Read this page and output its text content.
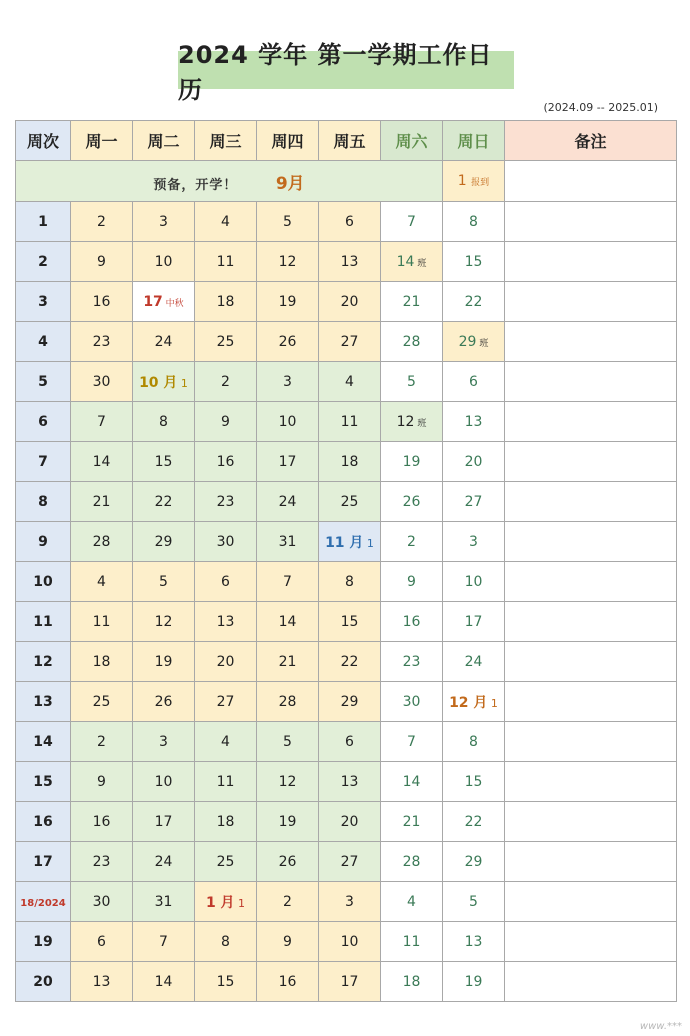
2024 学年 第一学期工作日历
(2024.09 -- 2025.01)
周次	周一	周二	周三	周四	周五	周六	周日	备注
预备，开学！ 9月							1 报到	
1	2	3	4	5	6	7	8	
2	9	10	11	12	13	14 班	15	
3	16	17 中秋	18	19	20	21	22	
4	23	24	25	26	27	28	29 班	
5	30	10 月 1	2	3	4	5	6	
6	7	8	9	10	11	12 班	13	
7	14	15	16	17	18	19	20	
8	21	22	23	24	25	26	27	
9	28	29	30	31	11 月 1	2	3	
10	4	5	6	7	8	9	10	
11	11	12	13	14	15	16	17	
12	18	19	20	21	22	23	24	
13	25	26	27	28	29	30	12 月 1	
14	2	3	4	5	6	7	8	
15	9	10	11	12	13	14	15	
16	16	17	18	19	20	21	22	
17	23	24	25	26	27	28	29	
18/2024	30	31	1 月 1	2	3	4	5	
19	6	7	8	9	10	11	13	
20	13	14	15	16	17	18	19	
www.***
